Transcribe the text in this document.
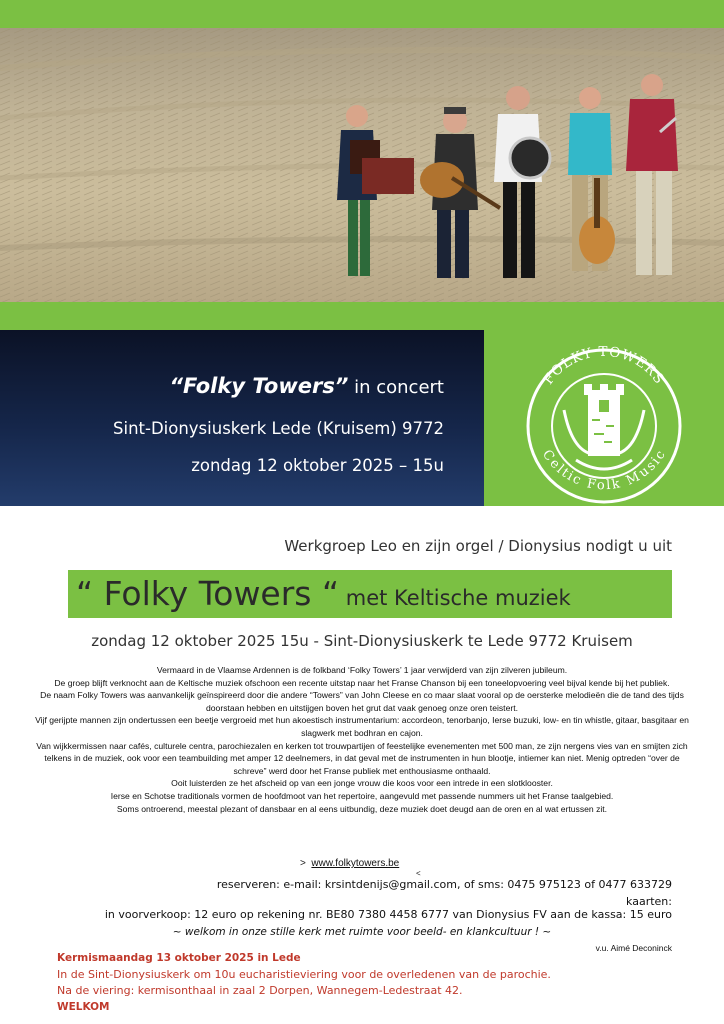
“Folky Towers” in concert
Sint-Dionysiuskerk Lede (Kruisem) 9772
zondag 12 oktober 2025 – 15u
FOLKY TOWERS
Celtic Folk Music
Werkgroep Leo en zijn orgel / Dionysius nodigt u uit
“ Folky Towers “ met Keltische muziek
zondag 12 oktober 2025 15u - Sint-Dionysiuskerk te Lede 9772 Kruisem

Vermaard in de Vlaamse Ardennen is de folkband ‘Folky Towers’ 1 jaar verwijderd van zijn zilveren jubileum.

De groep blijft verknocht aan de Keltische muziek ofschoon een recente uitstap naar het Franse Chanson bij een toneelopvoering veel bijval kende bij het publiek.

De naam Folky Towers was aanvankelijk geïnspireerd door die andere “Towers” van John Cleese en co maar slaat vooral op de oersterke melodieën die de tand des tijds doorstaan hebben en uitstijgen boven het grut dat vaak genoeg onze oren teistert.

Vijf gerijpte mannen zijn ondertussen een beetje vergroeid met hun akoestisch instrumentarium: accordeon, tenorbanjo, Ierse buzuki, low- en tin whistle, gitaar, basgitaar en slagwerk met bodhran en cajon.

Van wijkkermissen naar cafés, culturele centra, parochiezalen en kerken tot trouwpartijen of feestelijke evenementen met 500 man, ze zijn nergens vies van en smijten zich telkens in de muziek, ook voor een teambuilding met amper 12 deelnemers, in dat geval met de instrumenten in hun blootje, intiemer kan niet. Menig optreden “over de schreve” werd door het Franse publiek met enthousiasme onthaald.

Ooit luisterden ze het afscheid op van een jonge vrouw die koos voor een intrede in een slotklooster.

Ierse en Schotse traditionals vormen de hoofdmoot van het repertoire, aangevuld met passende nummers uit het Franse taalgebied.

Soms ontroerend, meestal plezant of dansbaar en al eens uitbundig, deze muziek doet deugd aan de oren en al wat ertussen zit.

> www.folkytowers.be
<
reserveren: e-mail: krsintdenijs@gmail.com, of sms: 0475 975123 of 0477 633729
kaarten:
in voorverkoop: 12 euro op rekening nr. BE80 7380 4458 6777 van Dionysius FV aan de kassa: 15 euro
~ welkom in onze stille kerk met ruimte voor beeld- en klankcultuur ! ~
v.u. Aimé Deconinck
Kermismaandag 13 oktober 2025 in Lede
In de Sint-Dionysiuskerk om 10u eucharistieviering voor de overledenen van de parochie.
Na de viering: kermisonthaal in zaal 2 Dorpen, Wannegem-Ledestraat 42.
WELKOM
